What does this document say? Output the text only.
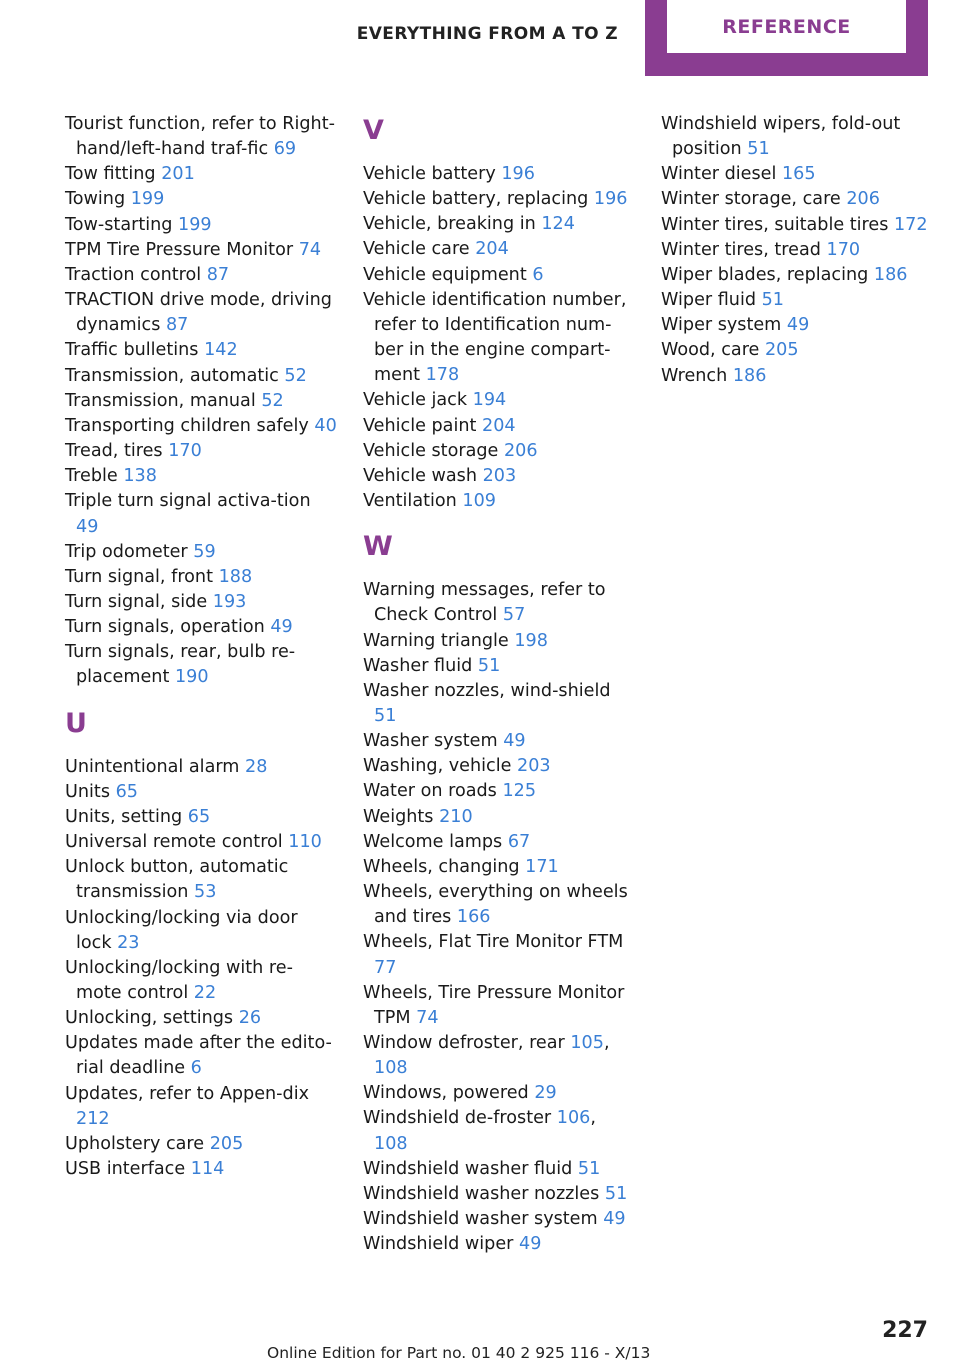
EVERYTHING FROM A TO Z	REFERENCE
Tourist function, refer to Right-hand/left-hand traf-fic 69
Tow fitting 201
Towing 199
Tow-starting 199
TPM Tire Pressure Monitor 74
Traction control 87
TRACTION drive mode, driving dynamics 87
Traffic bulletins 142
Transmission, automatic 52
Transmission, manual 52
Transporting children safely 40
Tread, tires 170
Treble 138
Triple turn signal activa-tion 49
Trip odometer 59
Turn signal, front 188
Turn signal, side 193
Turn signals, operation 49
Turn signals, rear, bulb re-placement 190
U
Unintentional alarm 28
Units 65
Units, setting 65
Universal remote control 110
Unlock button, automatic transmission 53
Unlocking/locking via door lock 23
Unlocking/locking with re-mote control 22
Unlocking, settings 26
Updates made after the edito-rial deadline 6
Updates, refer to Appen-dix 212
Upholstery care 205
USB interface 114
V
Vehicle battery 196
Vehicle battery, replacing 196
Vehicle, breaking in 124
Vehicle care 204
Vehicle equipment 6
Vehicle identification number, refer to Identification num-ber in the engine compart-ment 178
Vehicle jack 194
Vehicle paint 204
Vehicle storage 206
Vehicle wash 203
Ventilation 109
W
Warning messages, refer to Check Control 57
Warning triangle 198
Washer fluid 51
Washer nozzles, wind-shield 51
Washer system 49
Washing, vehicle 203
Water on roads 125
Weights 210
Welcome lamps 67
Wheels, changing 171
Wheels, everything on wheels and tires 166
Wheels, Flat Tire Monitor FTM 77
Wheels, Tire Pressure Monitor TPM 74
Window defroster, rear 105, 108
Windows, powered 29
Windshield de-froster 106, 108
Windshield washer fluid 51
Windshield washer nozzles 51
Windshield washer system 49
Windshield wiper 49
Windshield wipers, fold-out position 51
Winter diesel 165
Winter storage, care 206
Winter tires, suitable tires 172
Winter tires, tread 170
Wiper blades, replacing 186
Wiper fluid 51
Wiper system 49
Wood, care 205
Wrench 186
227
Online Edition for Part no. 01 40 2 925 116 - X/13
